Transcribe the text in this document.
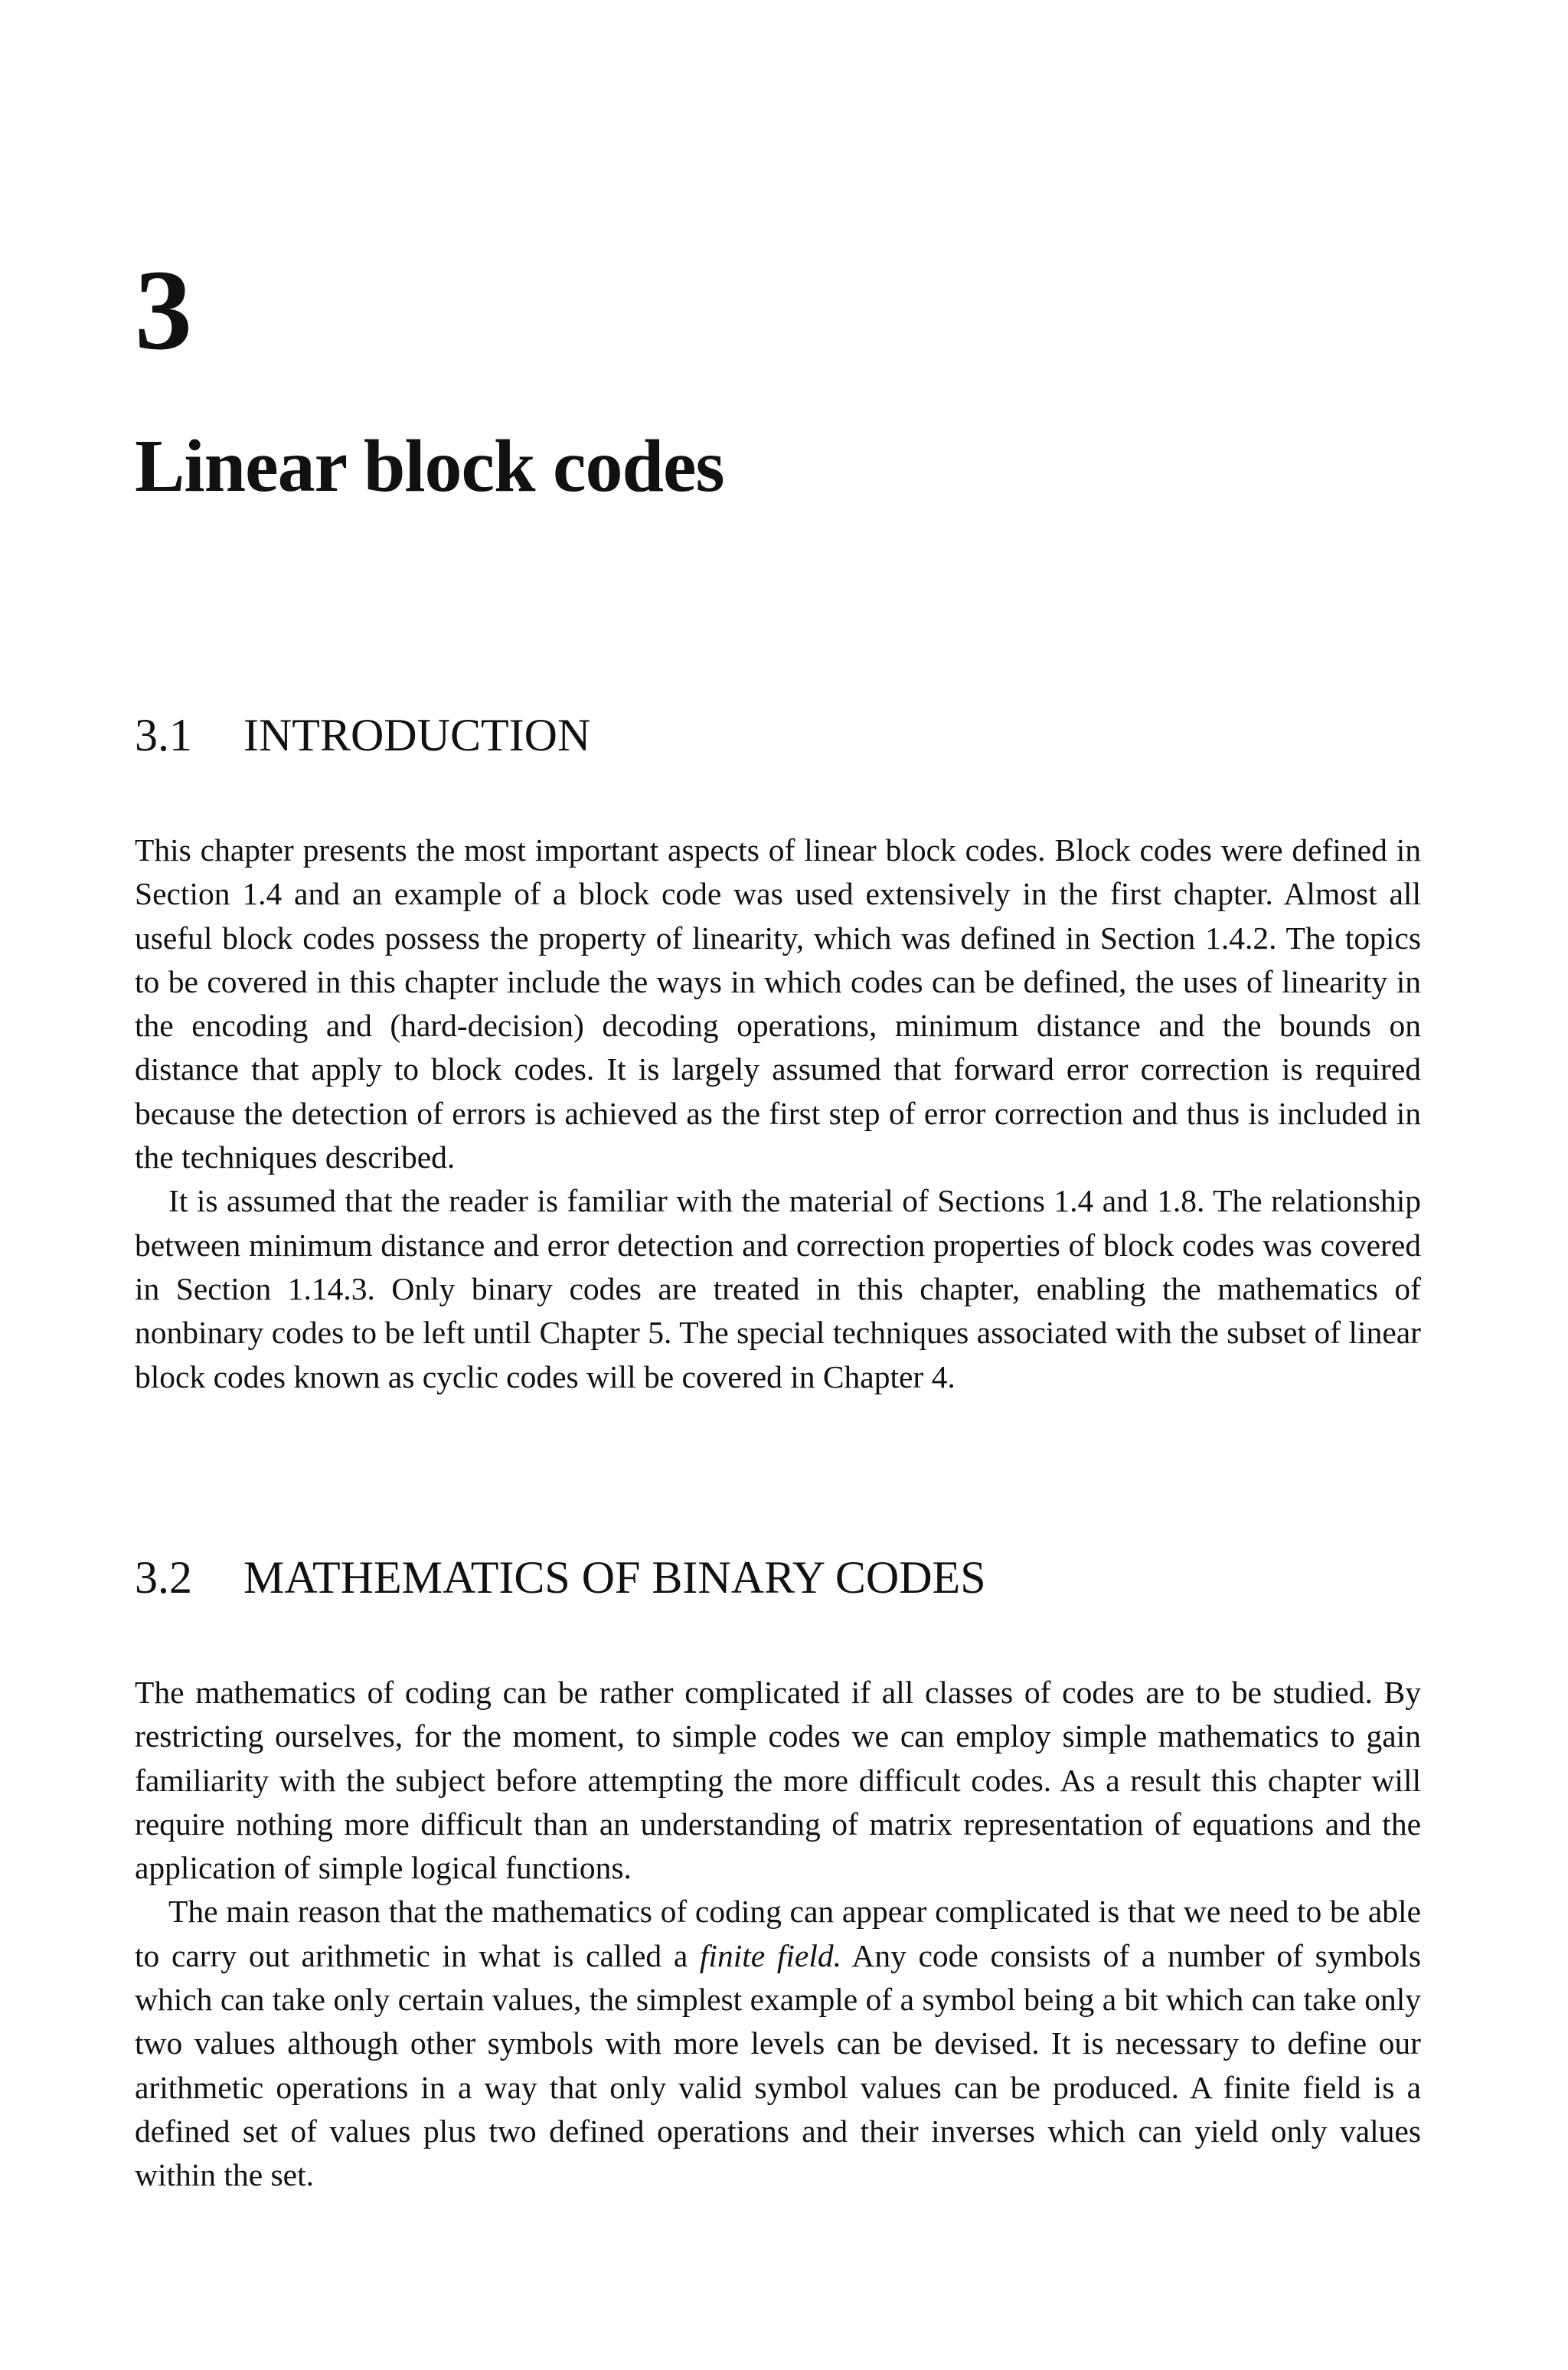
3
Linear block codes
3.1	INTRODUCTION

This chapter presents the most important aspects of linear block codes. Block codes were defined in Section 1.4 and an example of a block code was used extensively in the first chapter. Almost all useful block codes possess the property of linearity, which was defined in Section 1.4.2. The topics to be covered in this chapter include the ways in which codes can be defined, the uses of linearity in the encoding and (hard-decision) decoding operations, minimum distance and the bounds on distance that apply to block codes. It is largely assumed that forward error correction is required because the detection of errors is achieved as the first step of error correction and thus is included in the techniques described.

It is assumed that the reader is familiar with the material of Sections 1.4 and 1.8. The relationship between minimum distance and error detection and correction properties of block codes was covered in Section 1.14.3. Only binary codes are treated in this chapter, enabling the mathematics of nonbinary codes to be left until Chapter 5. The special techniques associated with the subset of linear block codes known as cyclic codes will be covered in Chapter 4.

3.2	MATHEMATICS OF BINARY CODES

The mathematics of coding can be rather complicated if all classes of codes are to be studied. By restricting ourselves, for the moment, to simple codes we can employ simple mathematics to gain familiarity with the subject before attempting the more difficult codes. As a result this chapter will require nothing more difficult than an understanding of matrix representation of equations and the application of simple logical functions.

The main reason that the mathematics of coding can appear complicated is that we need to be able to carry out arithmetic in what is called a finite field. Any code consists of a number of symbols which can take only certain values, the simplest example of a symbol being a bit which can take only two values although other symbols with more levels can be devised. It is necessary to define our arithmetic operations in a way that only valid symbol values can be produced. A finite field is a defined set of values plus two defined operations and their inverses which can yield only values within the set.
